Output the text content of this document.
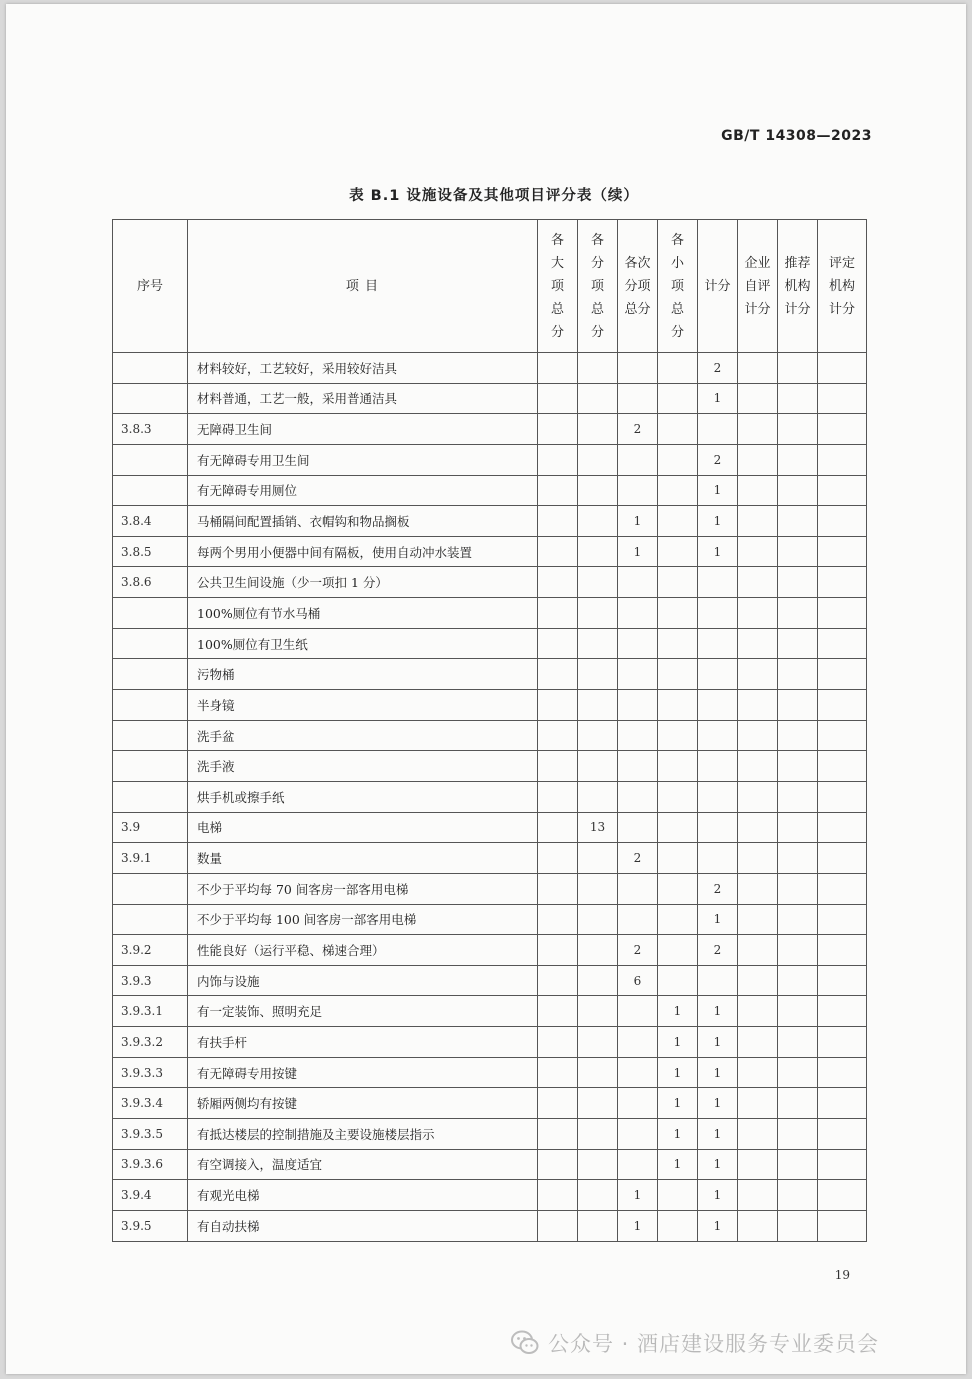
GB/T 14308—2023
表 B.1 设施设备及其他项目评分表（续）
19
公众号 · 酒店建设服务专业委员会
序号	项 目	各
大
项
总
分	各
分
项
总
分	各次
分项
总分	各
小
项
总
分	计分	企业
自评
计分	推荐
机构
计分	评定
机构
计分
	材料较好，工艺较好，采用较好洁具					2			
	材料普通，工艺一般，采用普通洁具					1			
3.8.3	无障碍卫生间			2					
	有无障碍专用卫生间					2			
	有无障碍专用厕位					1			
3.8.4	马桶隔间配置插销、衣帽钩和物品搁板			1		1			
3.8.5	每两个男用小便器中间有隔板，使用自动冲水装置			1		1			
3.8.6	公共卫生间设施（少一项扣 1 分）								
	100%厕位有节水马桶								
	100%厕位有卫生纸								
	污物桶								
	半身镜								
	洗手盆								
	洗手液								
	烘手机或擦手纸								
3.9	电梯		13						
3.9.1	数量			2					
	不少于平均每 70 间客房一部客用电梯					2			
	不少于平均每 100 间客房一部客用电梯					1			
3.9.2	性能良好（运行平稳、梯速合理）			2		2			
3.9.3	内饰与设施			6					
3.9.3.1	有一定装饰、照明充足				1	1			
3.9.3.2	有扶手杆				1	1			
3.9.3.3	有无障碍专用按键				1	1			
3.9.3.4	轿厢两侧均有按键				1	1			
3.9.3.5	有抵达楼层的控制措施及主要设施楼层指示				1	1			
3.9.3.6	有空调接入，温度适宜				1	1			
3.9.4	有观光电梯			1		1			
3.9.5	有自动扶梯			1		1			
